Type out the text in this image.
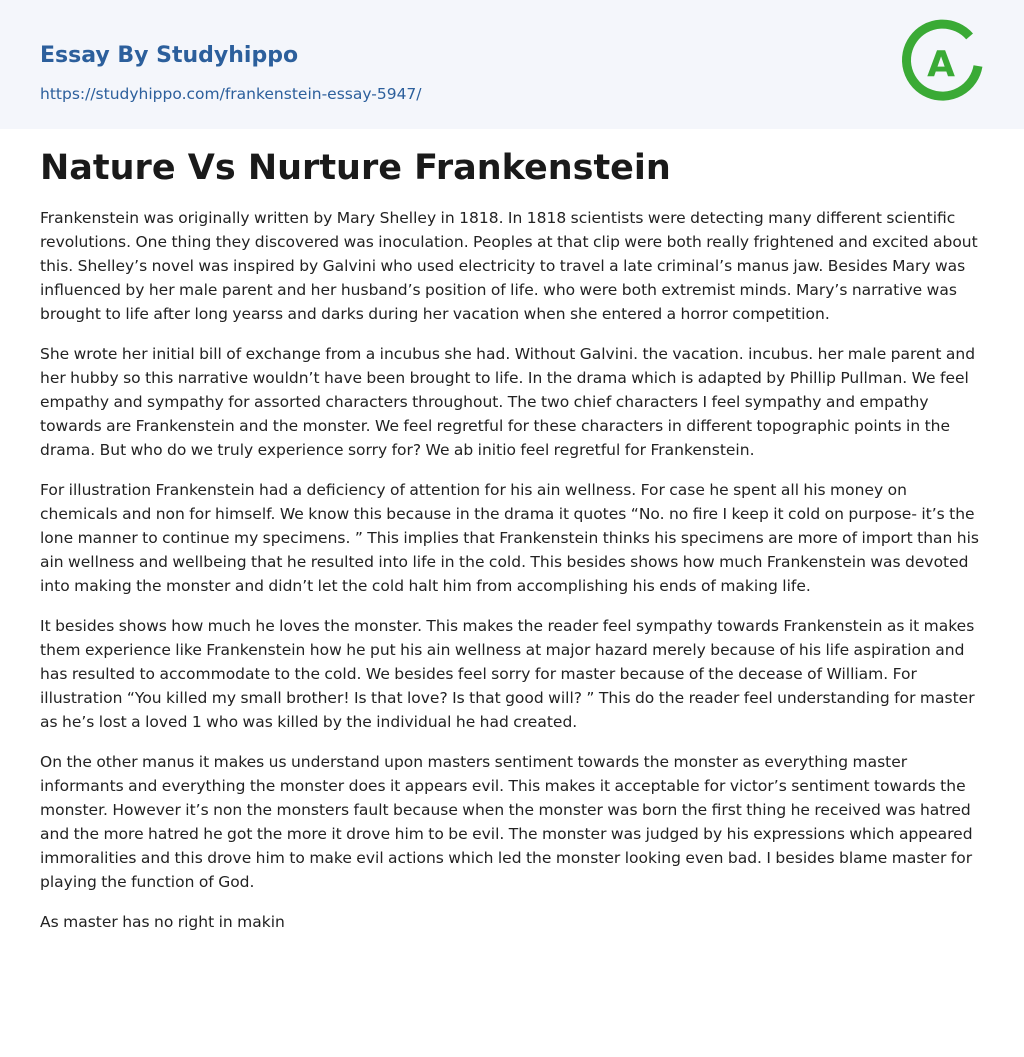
Essay By Studyhippo
https://studyhippo.com/frankenstein-essay-5947/
A
Nature Vs Nurture Frankenstein

Frankenstein was originally written by Mary Shelley in 1818. In 1818 scientists were detecting many different scientific revolutions. One thing they discovered was inoculation. Peoples at that clip were both really frightened and excited about this. Shelley’s novel was inspired by Galvini who used electricity to travel a late criminal’s manus jaw. Besides Mary was influenced by her male parent and her husband’s position of life. who were both extremist minds. Mary’s narrative was brought to life after long yearss and darks during her vacation when she entered a horror competition.

She wrote her initial bill of exchange from a incubus she had. Without Galvini. the vacation. incubus. her male parent and her hubby so this narrative wouldn’t have been brought to life. In the drama which is adapted by Phillip Pullman. We feel empathy and sympathy for assorted characters throughout. The two chief characters I feel sympathy and empathy towards are Frankenstein and the monster. We feel regretful for these characters in different topographic points in the drama. But who do we truly experience sorry for? We ab initio feel regretful for Frankenstein.

For illustration Frankenstein had a deficiency of attention for his ain wellness. For case he spent all his money on chemicals and non for himself. We know this because in the drama it quotes “No. no fire I keep it cold on purpose- it’s the lone manner to continue my specimens. ” This implies that Frankenstein thinks his specimens are more of import than his ain wellness and wellbeing that he resulted into life in the cold. This besides shows how much Frankenstein was devoted into making the monster and didn’t let the cold halt him from accomplishing his ends of making life.

It besides shows how much he loves the monster. This makes the reader feel sympathy towards Frankenstein as it makes them experience like Frankenstein how he put his ain wellness at major hazard merely because of his life aspiration and has resulted to accommodate to the cold. We besides feel sorry for master because of the decease of William. For illustration “You killed my small brother! Is that love? Is that good will? ” This do the reader feel understanding for master as he’s lost a loved 1 who was killed by the individual he had created.

On the other manus it makes us understand upon masters sentiment towards the monster as everything master informants and everything the monster does it appears evil. This makes it acceptable for victor’s sentiment towards the monster. However it’s non the monsters fault because when the monster was born the first thing he received was hatred and the more hatred he got the more it drove him to be evil. The monster was judged by his expressions which appeared immoralities and this drove him to make evil actions which led the monster looking even bad. I besides blame master for playing the function of God.

As master has no right in makin
